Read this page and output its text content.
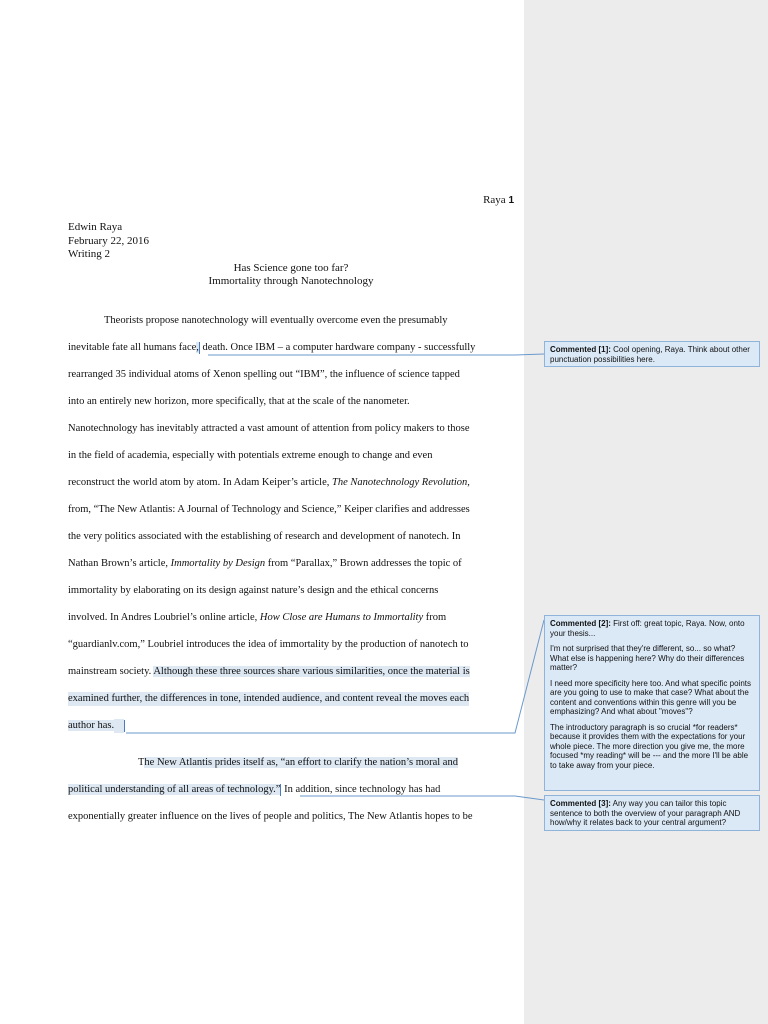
Raya 1
Edwin Raya
February 22, 2016
Writing 2
Has Science gone too far?
Immortality through Nanotechnology
Theorists propose nanotechnology will eventually overcome even the presumably
inevitable fate all humans face, death. Once IBM – a computer hardware company - successfully
rearranged 35 individual atoms of Xenon spelling out “IBM”, the influence of science tapped
into an entirely new horizon, more specifically, that at the scale of the nanometer.
Nanotechnology has inevitably attracted a vast amount of attention from policy makers to those
in the field of academia, especially with potentials extreme enough to change and even
reconstruct the world atom by atom. In Adam Keiper’s article, The Nanotechnology Revolution,
from, “The New Atlantis: A Journal of Technology and Science,” Keiper clarifies and addresses
the very politics associated with the establishing of research and development of nanotech. In
Nathan Brown’s article, Immortality by Design from “Parallax,” Brown addresses the topic of
immortality by elaborating on its design against nature’s design and the ethical concerns
involved. In Andres Loubriel’s online article, How Close are Humans to Immortality from
“guardianlv.com,” Loubriel introduces the idea of immortality by the production of nanotech to
mainstream society. Although these three sources share various similarities, once the material is
examined further, the differences in tone, intended audience, and content reveal the moves each
author has.
The New Atlantis prides itself as, “an effort to clarify the nation’s moral and
political understanding of all areas of technology.” In addition, since technology has had
exponentially greater influence on the lives of people and politics, The New Atlantis hopes to be

Commented [1]: Cool opening, Raya. Think about other punctuation possibilities here.

Commented [2]: First off: great topic, Raya. Now, onto your thesis...

I'm not surprised that they're different, so... so what? What else is happening here? Why do their differences matter?

I need more specificity here too. And what specific points are you going to use to make that case? What about the content and conventions within this genre will you be emphasizing? And what about "moves"?

The introductory paragraph is so crucial *for readers* because it provides them with the expectations for your whole piece. The more direction you give me, the more focused *my reading* will be --- and the more I'll be able to take away from your piece.

Commented [3]: Any way you can tailor this topic sentence to both the overview of your paragraph AND how/why it relates back to your central argument?
